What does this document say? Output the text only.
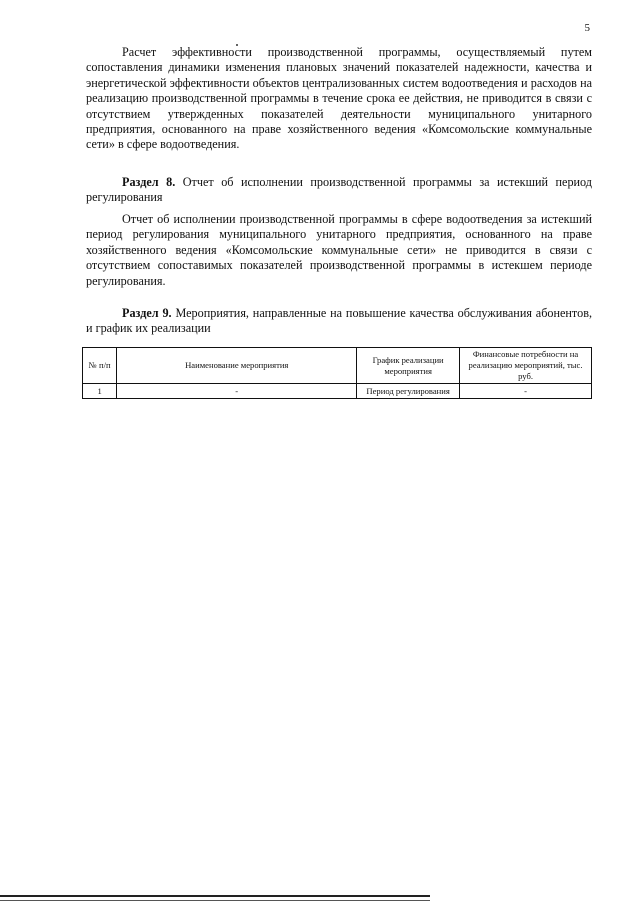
5

Расчет эффективности производственной программы, осуществляемый путем сопоставления динамики изменения плановых значений показателей надежности, качества и энергетической эффективности объектов централизованных систем водоотведения и расходов на реализацию производственной программы в течение срока ее действия, не приводится в связи с отсутствием утвержденных показателей деятельности муниципального унитарного предприятия, основанного на праве хозяйственного ведения «Комсомольские коммунальные сети» в сфере водоотведения.

Раздел 8. Отчет об исполнении производственной программы за истекший период регулирования

Отчет об исполнении производственной программы в сфере водоотведения за истекший период регулирования муниципального унитарного предприятия, основанного на праве хозяйственного ведения «Комсомольские коммунальные сети» не приводится в связи с отсутствием сопоставимых показателей производственной программы в истекшем периоде регулирования.

Раздел 9. Мероприятия, направленные на повышение качества обслуживания абонентов, и график их реализации

№ п/п	Наименование мероприятия	График реализации мероприятия	Финансовые потребности на реализацию мероприятий, тыс. руб.
1	-	Период регулирования	-
